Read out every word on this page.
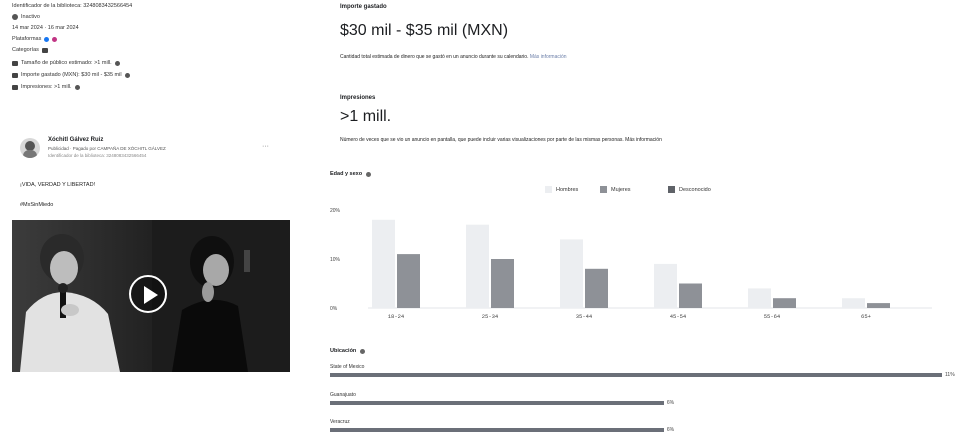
Identificador de la biblioteca: 3248083432566454
Inactivo
14 mar 2024 · 16 mar 2024
Plataformas
Categorías
Tamaño de público estimado: >1 mill.
Importe gastado (MXN): $30 mil - $35 mil
Impresiones: >1 mill.
Xóchitl Gálvez Ruiz
Publicidad · Pagado por CAMPAÑA DE XÓCHITL GÁLVEZ
Identificador de la biblioteca: 3248083432566454
···
¡VIDA, VERDAD Y LIBERTAD!
#MxSinMiedo
Importe gastado
$30 mil - $35 mil (MXN)
Cantidad total estimada de dinero que se gastó en un anuncio durante su calendario. Más información
Impresiones
>1 mill.
Número de veces que se vio un anuncio en pantalla, que puede incluir varias visualizaciones por parte de las mismas personas. Más información
Edad y sexo
Hombres	Mujeres	Desconocido
20%
10%
0%
18-24	25-34	35-44	45-54	55-64	65+
Ubicación
State of Mexico
11%
Guanajuato
6%
Veracruz
6%
